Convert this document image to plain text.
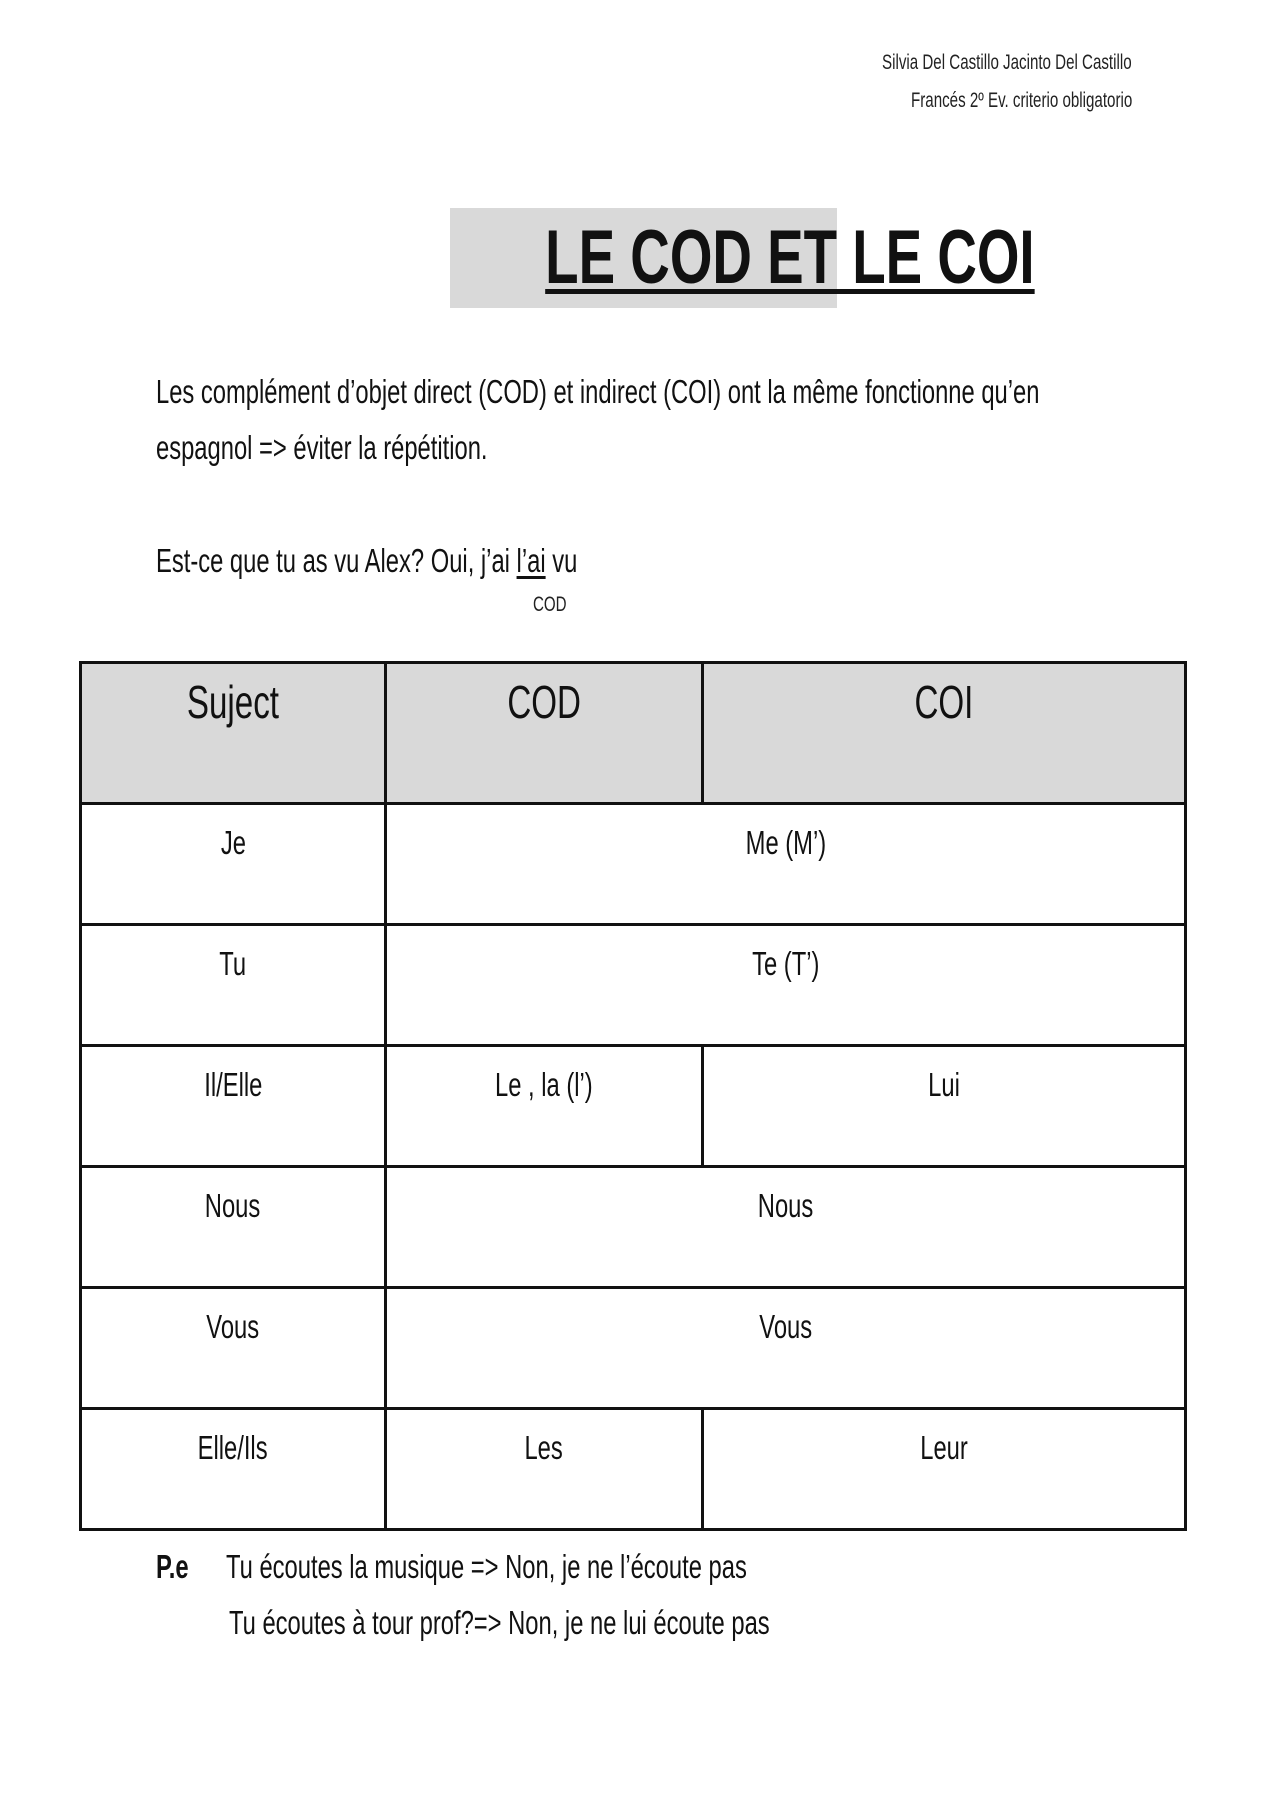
Silvia Del Castillo Jacinto Del Castillo
Francés 2º Ev. criterio obligatorio
LE COD ET LE COI
Les complément d’objet direct (COD) et indirect (COI) ont la même fonctionne qu’en
espagnol => éviter la répétition.
Est-ce que tu as vu Alex? Oui, j’ai l’ai vu
COD
Suject	COD	COI
Je	Me (M’)	
Tu	Te (T’)	
Il/Elle	Le , la (l’)	Lui
Nous	Nous	
Vous	Vous	
Elle/Ils	Les	Leur
P.e	Tu écoutes la musique => Non, je ne l’écoute pas
Tu écoutes à tour prof?=> Non, je ne lui écoute pas
